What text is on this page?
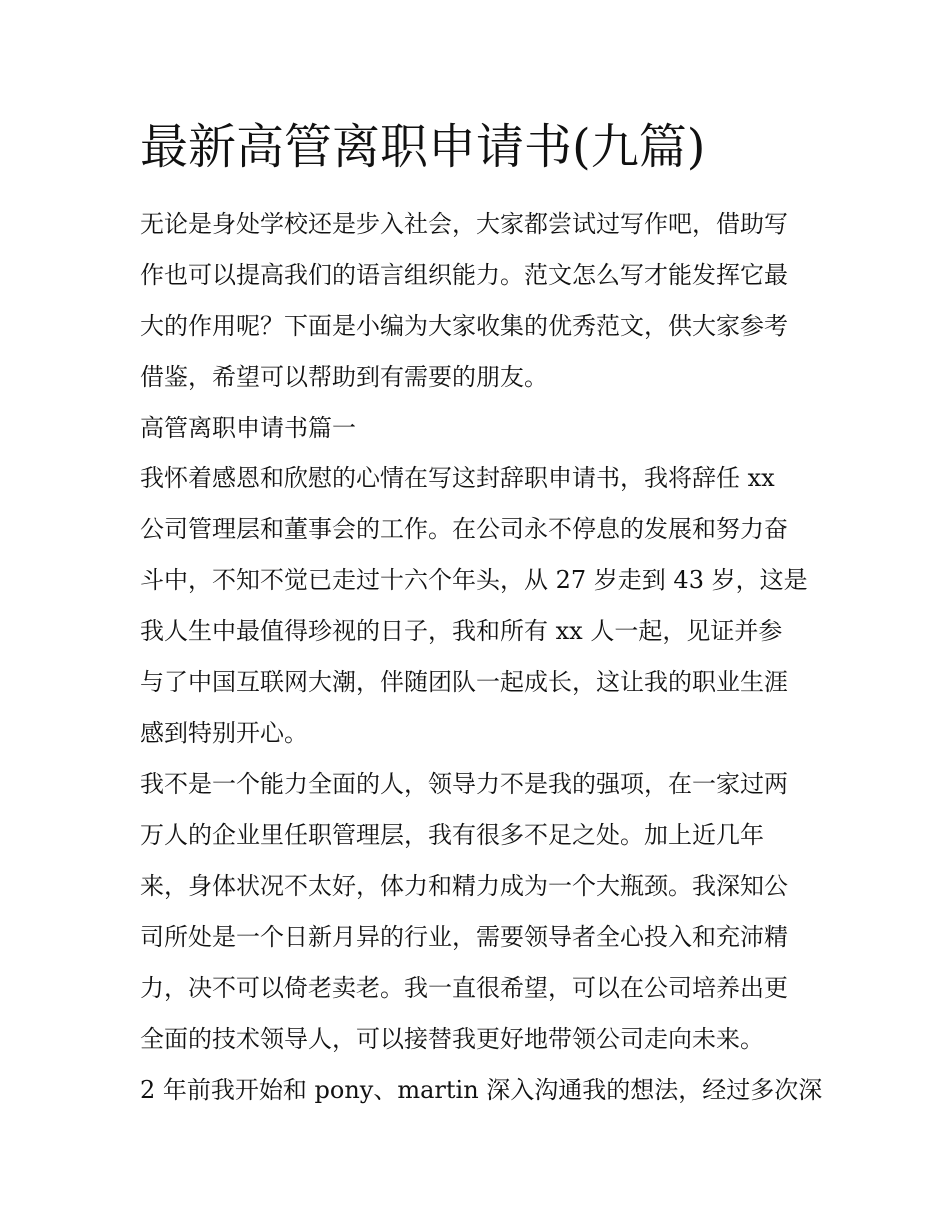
最新高管离职申请书(九篇)

无论是身处学校还是步入社会，大家都尝试过写作吧，借助写
作也可以提高我们的语言组织能力。范文怎么写才能发挥它最
大的作用呢？下面是小编为大家收集的优秀范文，供大家参考
借鉴，希望可以帮助到有需要的朋友。

高管离职申请书篇一

我怀着感恩和欣慰的心情在写这封辞职申请书，我将辞任 xx
公司管理层和董事会的工作。在公司永不停息的发展和努力奋
斗中，不知不觉已走过十六个年头，从 27 岁走到 43 岁，这是
我人生中最值得珍视的日子，我和所有 xx 人一起，见证并参
与了中国互联网大潮，伴随团队一起成长，这让我的职业生涯
感到特别开心。

我不是一个能力全面的人，领导力不是我的强项，在一家过两
万人的企业里任职管理层，我有很多不足之处。加上近几年
来，身体状况不太好，体力和精力成为一个大瓶颈。我深知公
司所处是一个日新月异的行业，需要领导者全心投入和充沛精
力，决不可以倚老卖老。我一直很希望，可以在公司培养出更
全面的技术领导人，可以接替我更好地带领公司走向未来。

2 年前我开始和 pony、martin 深入沟通我的想法，经过多次深
